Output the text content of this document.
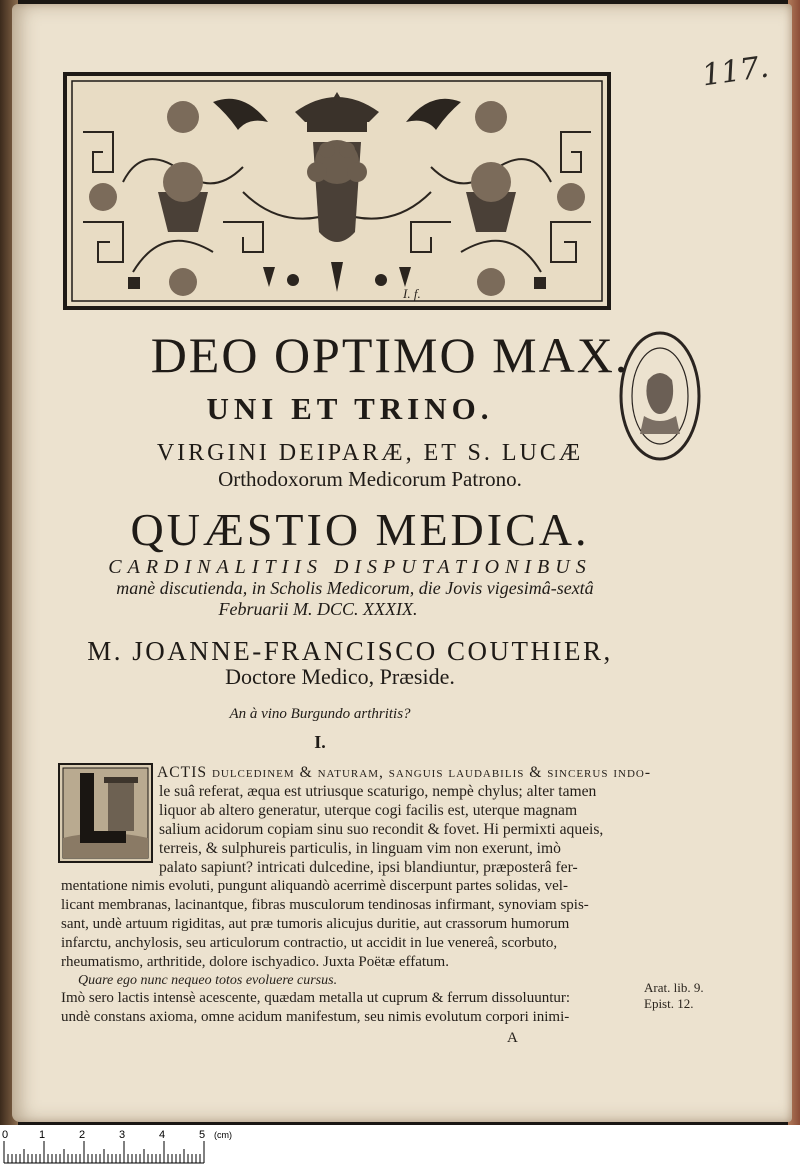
117.
I. f.
DEO OPTIMO MAX.
UNI ET TRINO.
VIRGINI DEIPARÆ, ET S. LUCÆ
Orthodoxorum Medicorum Patrono.
QUÆSTIO MEDICA.
CARDINALITIIS DISPUTATIONIBUS
manè discutienda, in Scholis Medicorum, die Jovis vigesimâ-sextâ
Februarii M. DCC. XXXIX.
M. JOANNE-FRANCISCO COUTHIER,
Doctore Medico, Præside.
An à vino Burgundo arthritis?
I.
ACTIS dulcedinem & naturam, sanguis laudabilis & sincerus indo-
le suâ referat, æqua est utriusque scaturigo, nempè chylus; alter tamen
liquor ab altero generatur, uterque cogi facilis est, uterque magnam
salium acidorum copiam sinu suo recondit & fovet. Hi permixti aqueis,
terreis, & sulphureis particulis, in linguam vim non exerunt, imò
palato sapiunt? intricati dulcedine, ipsi blandiuntur, præposterâ fer-
mentatione nimis evoluti, pungunt aliquandò acerrimè discerpunt partes solidas, vel-
licant membranas, lacinantque, fibras musculorum tendinosas infirmant, synoviam spis-
sant, undè artuum rigiditas, aut præ tumoris alicujus duritie, aut crassorum humorum
infarctu, anchylosis, seu articulorum contractio, ut accidit in lue venereâ, scorbuto,
rheumatismo, arthritide, dolore ischyadico. Juxta Poëtæ effatum.
Quare ego nunc nequeo totos evoluere cursus.
Imò sero lactis intensè acescente, quædam metalla ut cuprum & ferrum dissoluuntur:
undè constans axioma, omne acidum manifestum, seu nimis evolutum corpori inimi-
A
Arat. lib. 9.
Epist. 12.
0	1	2	3	4	5 (cm)
